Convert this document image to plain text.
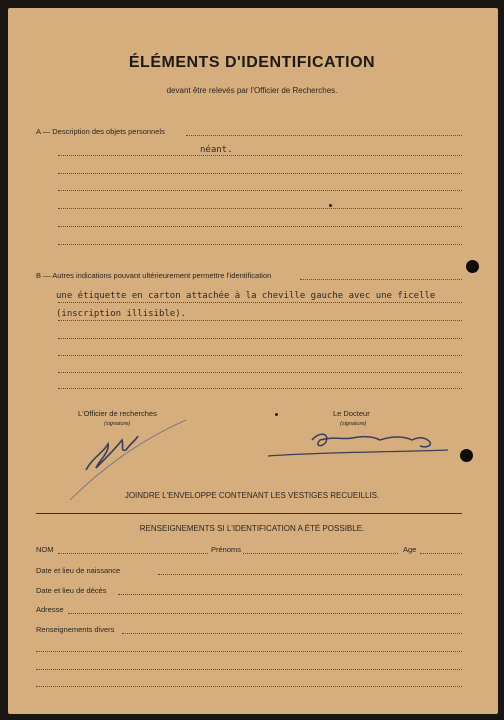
ÉLÉMENTS D'IDENTIFICATION
devant être relevés par l'Officier de Recherches.
A — Description des objets personnels
néant.
B — Autres indications pouvant ultérieurement permettre l'identification
une étiquette en carton attachée à la cheville gauche avec une ficelle
(inscription illisible).
L'Officier de recherches
(signature)
Le Docteur
(signature)
JOINDRE L'ENVELOPPE CONTENANT LES VESTIGES RECUEILLIS.
RENSEIGNEMENTS SI L'IDENTIFICATION A ÉTÉ POSSIBLE.
NOM	Prénoms	Age
Date et lieu de naissance
Date et lieu de décès
Adresse
Renseignements divers
